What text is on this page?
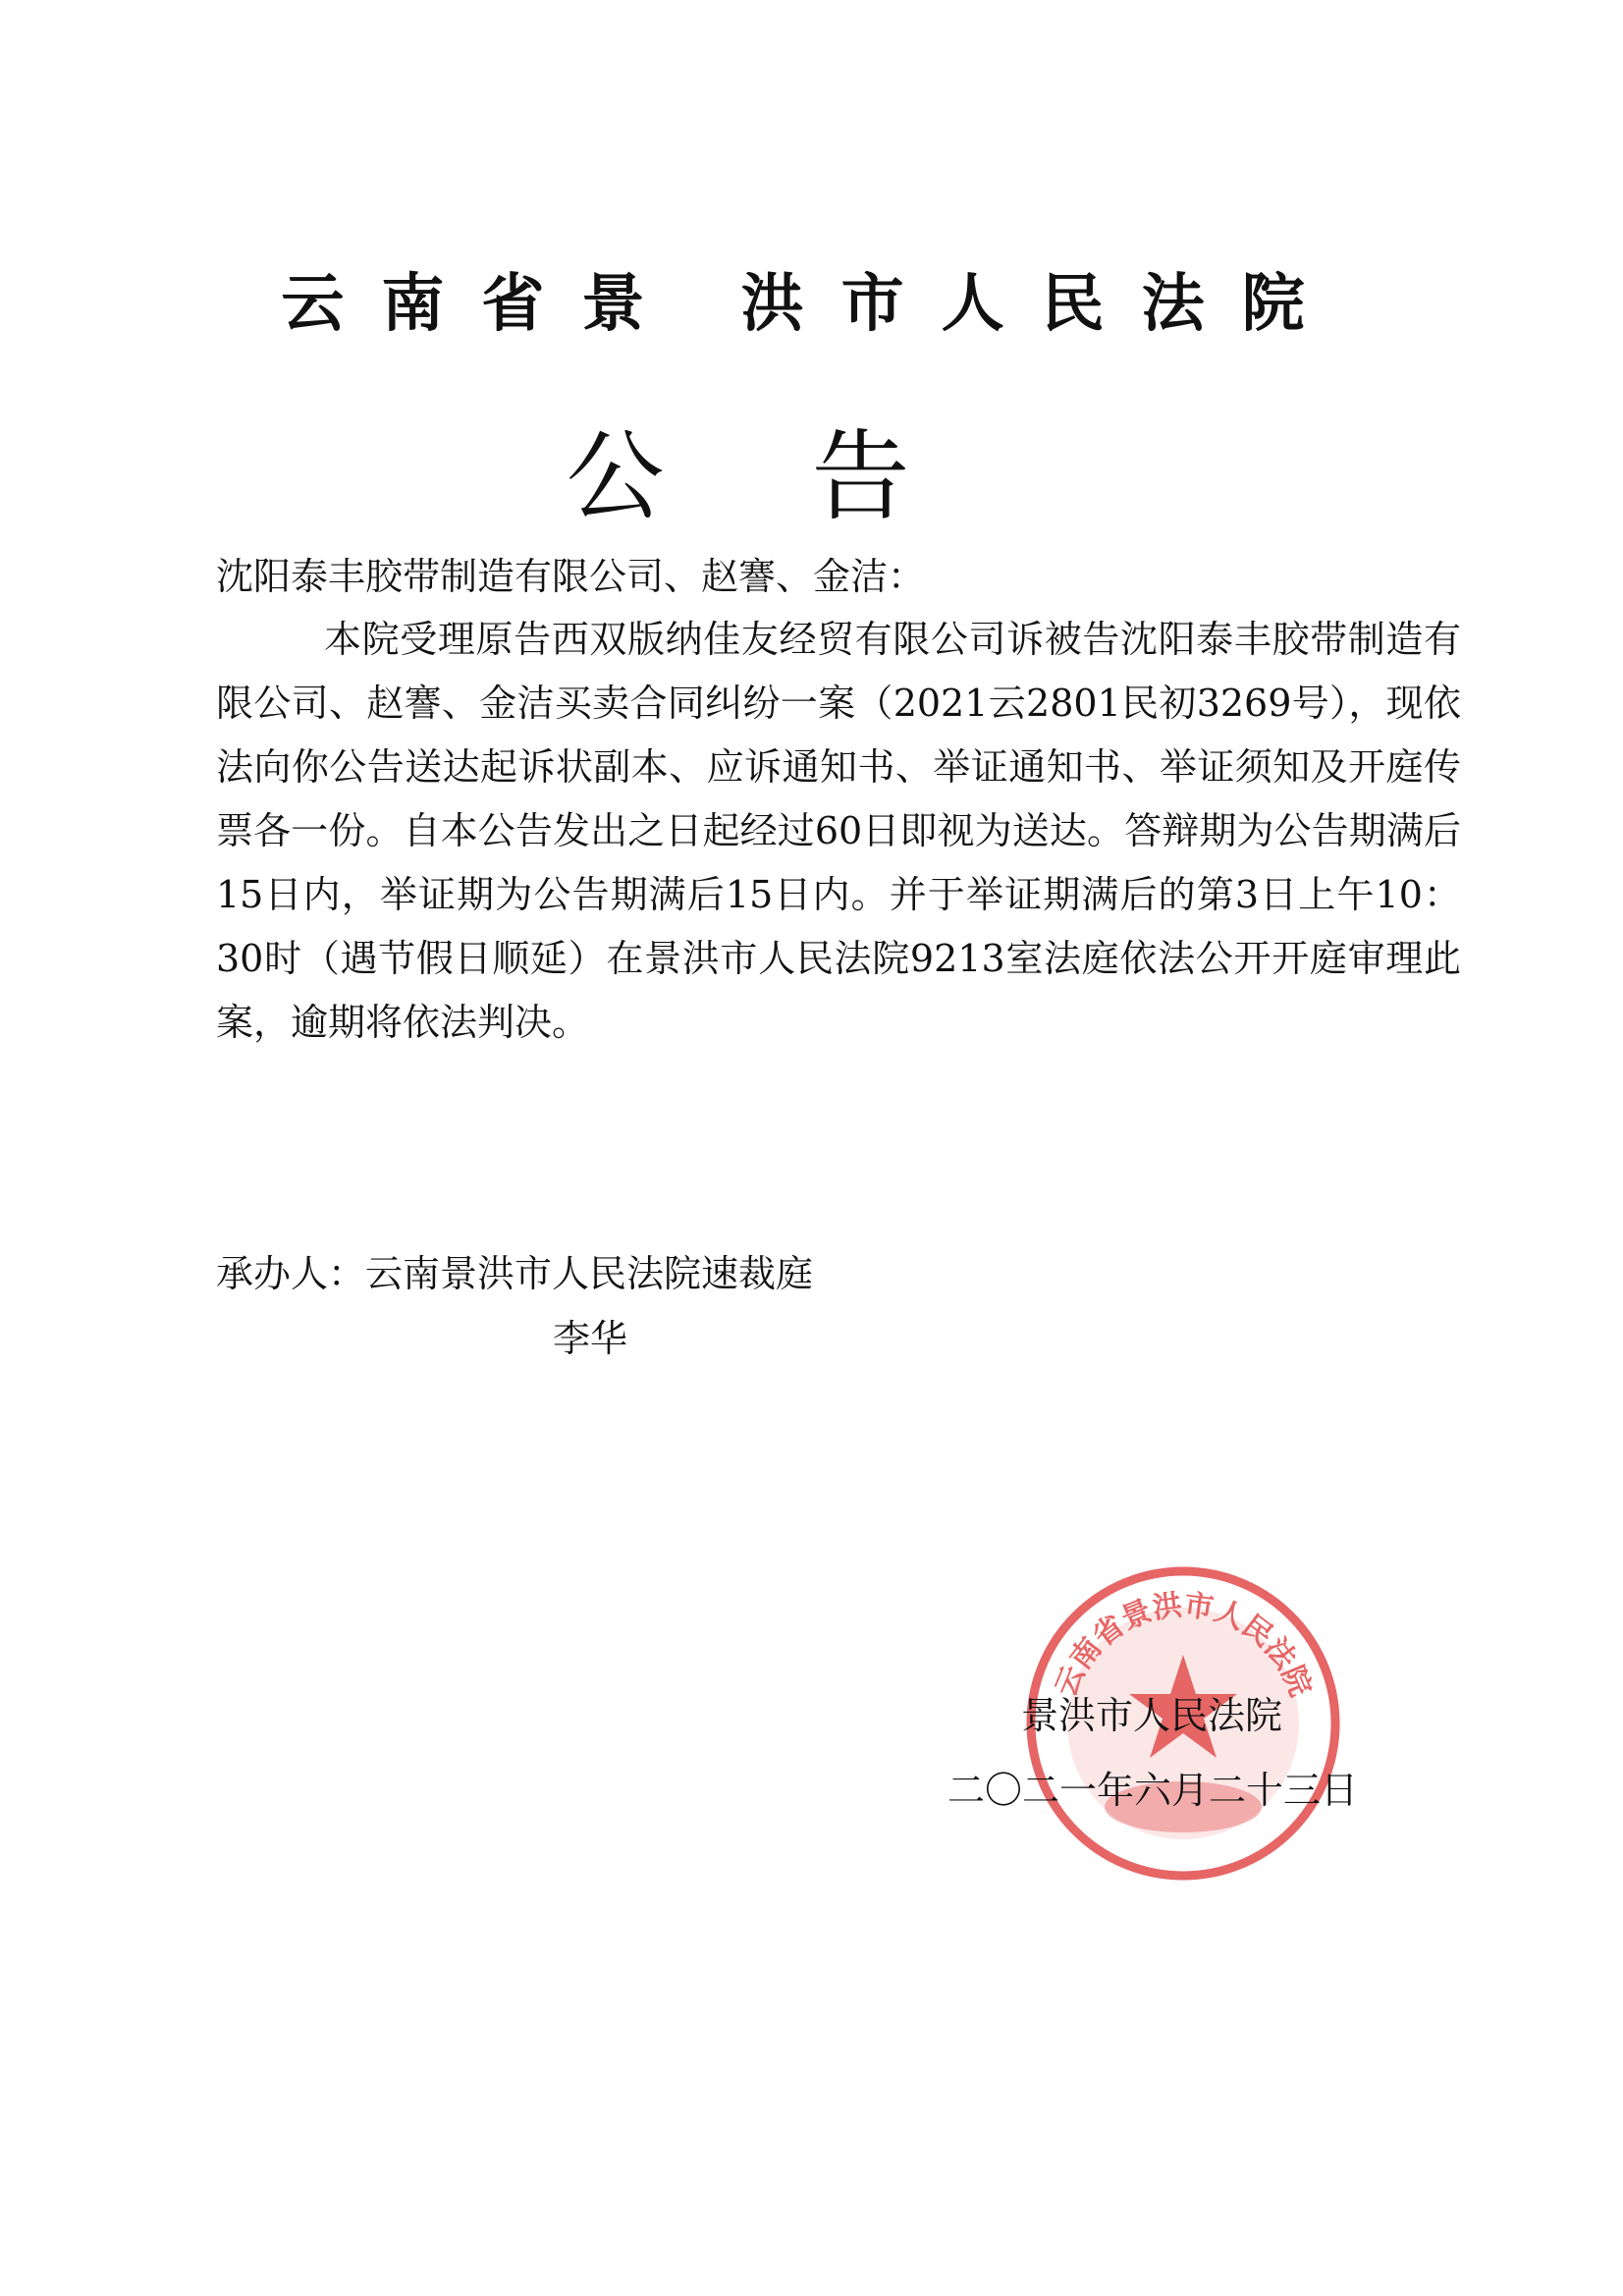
云南省景 洪市人民法院
公告
沈阳泰丰胶带制造有限公司、赵謇、金洁：
本院受理原告西双版纳佳友经贸有限公司诉被告沈阳泰丰胶带制造有限公司、赵謇、金洁买卖合同纠纷一案（2021云2801民初3269号），现依法向你公告送达起诉状副本、应诉通知书、举证通知书、举证须知及开庭传票各一份。自本公告发出之日起经过60日即视为送达。答辩期为公告期满后15日内，举证期为公告期满后15日内。并于举证期满后的第3日上午10：30时（遇节假日顺延）在景洪市人民法院9213室法庭依法公开开庭审理此案，逾期将依法判决。
承办人：云南景洪市人民法院速裁庭
李华
云南省景洪市人民法院
景洪市人民法院
二〇二一年六月二十三日
